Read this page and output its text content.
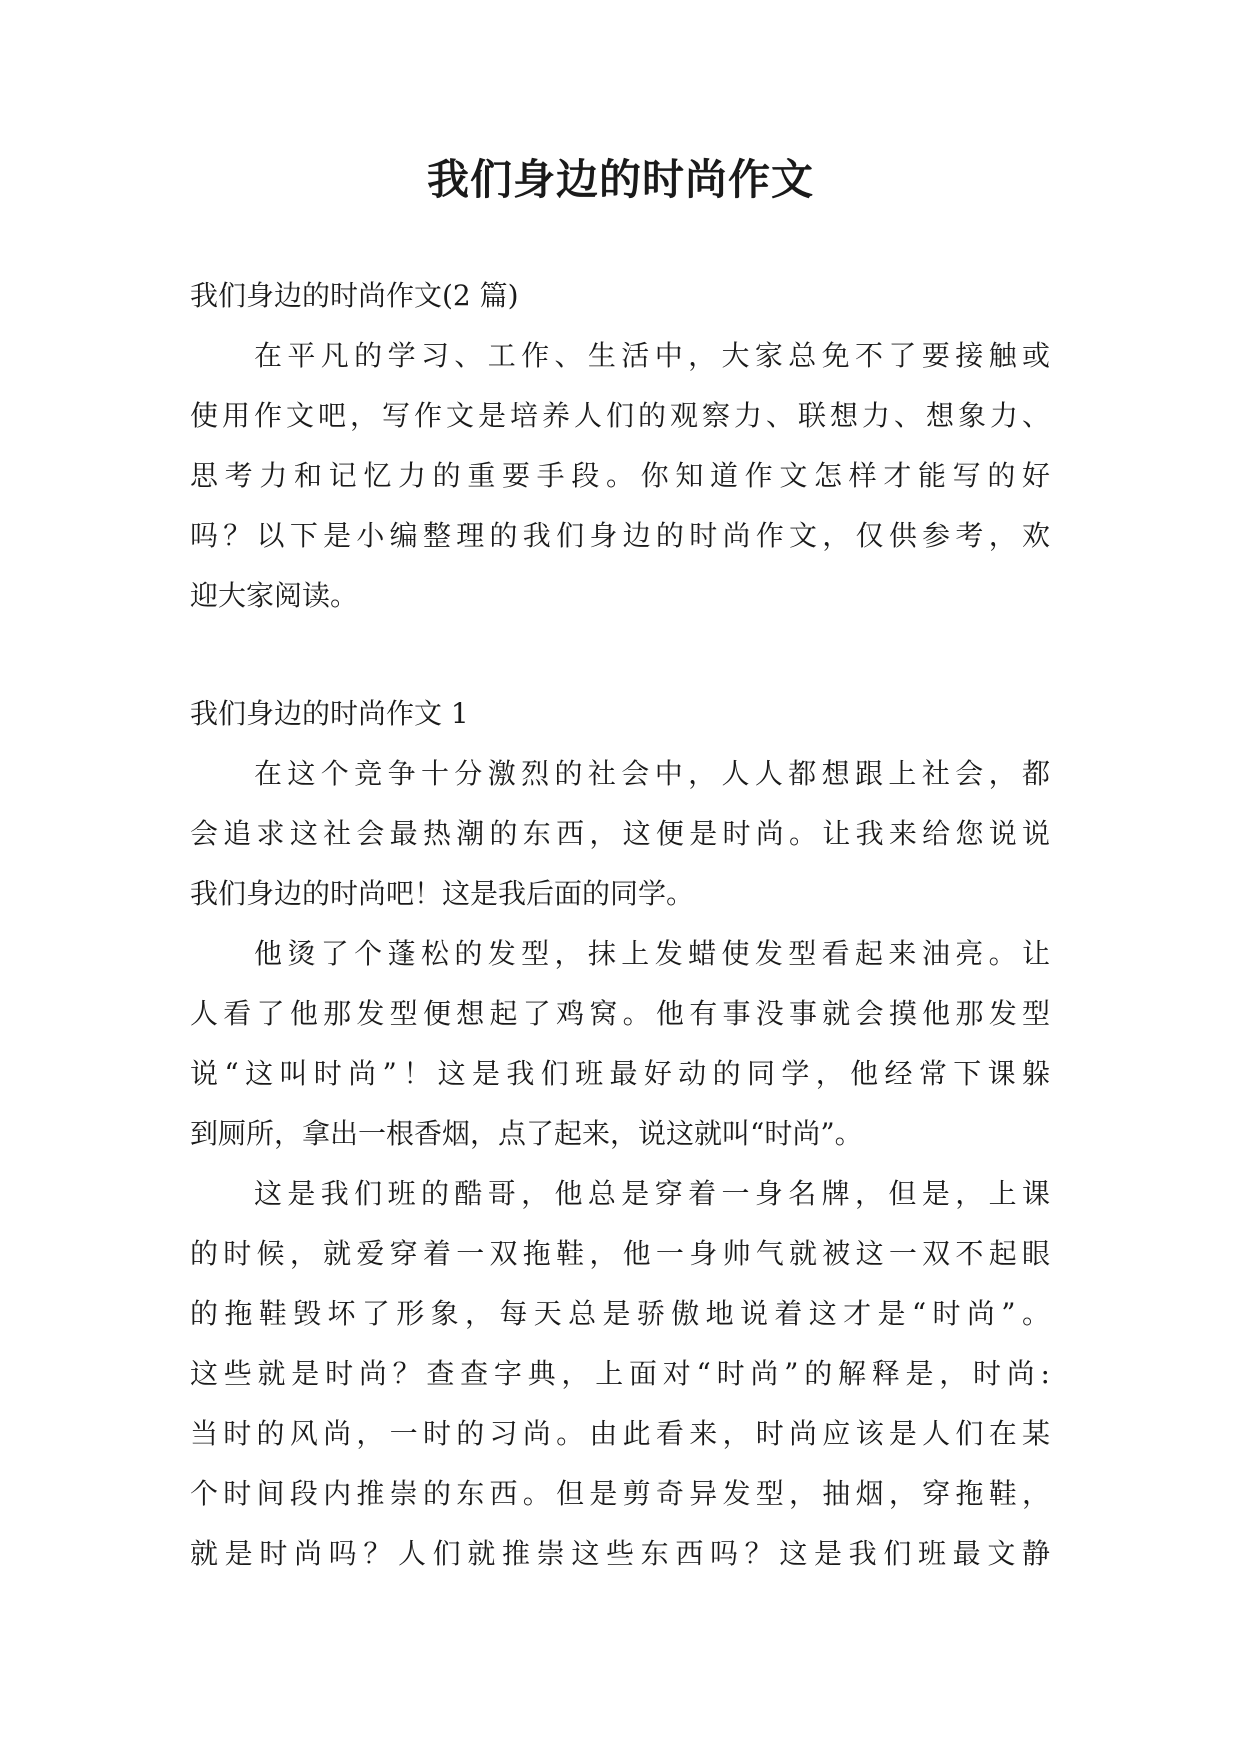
我们身边的时尚作文
我们身边的时尚作文(2 篇)
在平凡的学习、工作、生活中，大家总免不了要接触或
使用作文吧，写作文是培养人们的观察力、联想力、想象力、
思考力和记忆力的重要手段。你知道作文怎样才能写的好
吗？以下是小编整理的我们身边的时尚作文，仅供参考，欢
迎大家阅读。
我们身边的时尚作文 1
在这个竞争十分激烈的社会中，人人都想跟上社会，都
会追求这社会最热潮的东西，这便是时尚。让我来给您说说
我们身边的时尚吧！这是我后面的同学。
他烫了个蓬松的发型，抹上发蜡使发型看起来油亮。让
人看了他那发型便想起了鸡窝。他有事没事就会摸他那发型
说“这叫时尚”！这是我们班最好动的同学，他经常下课躲
到厕所，拿出一根香烟，点了起来，说这就叫“时尚”。
这是我们班的酷哥，他总是穿着一身名牌，但是，上课
的时候，就爱穿着一双拖鞋，他一身帅气就被这一双不起眼
的拖鞋毁坏了形象，每天总是骄傲地说着这才是“时尚”。
这些就是时尚？查查字典，上面对“时尚”的解释是，时尚:
当时的风尚，一时的习尚。由此看来，时尚应该是人们在某
个时间段内推崇的东西。但是剪奇异发型，抽烟，穿拖鞋，
就是时尚吗？人们就推崇这些东西吗？这是我们班最文静
